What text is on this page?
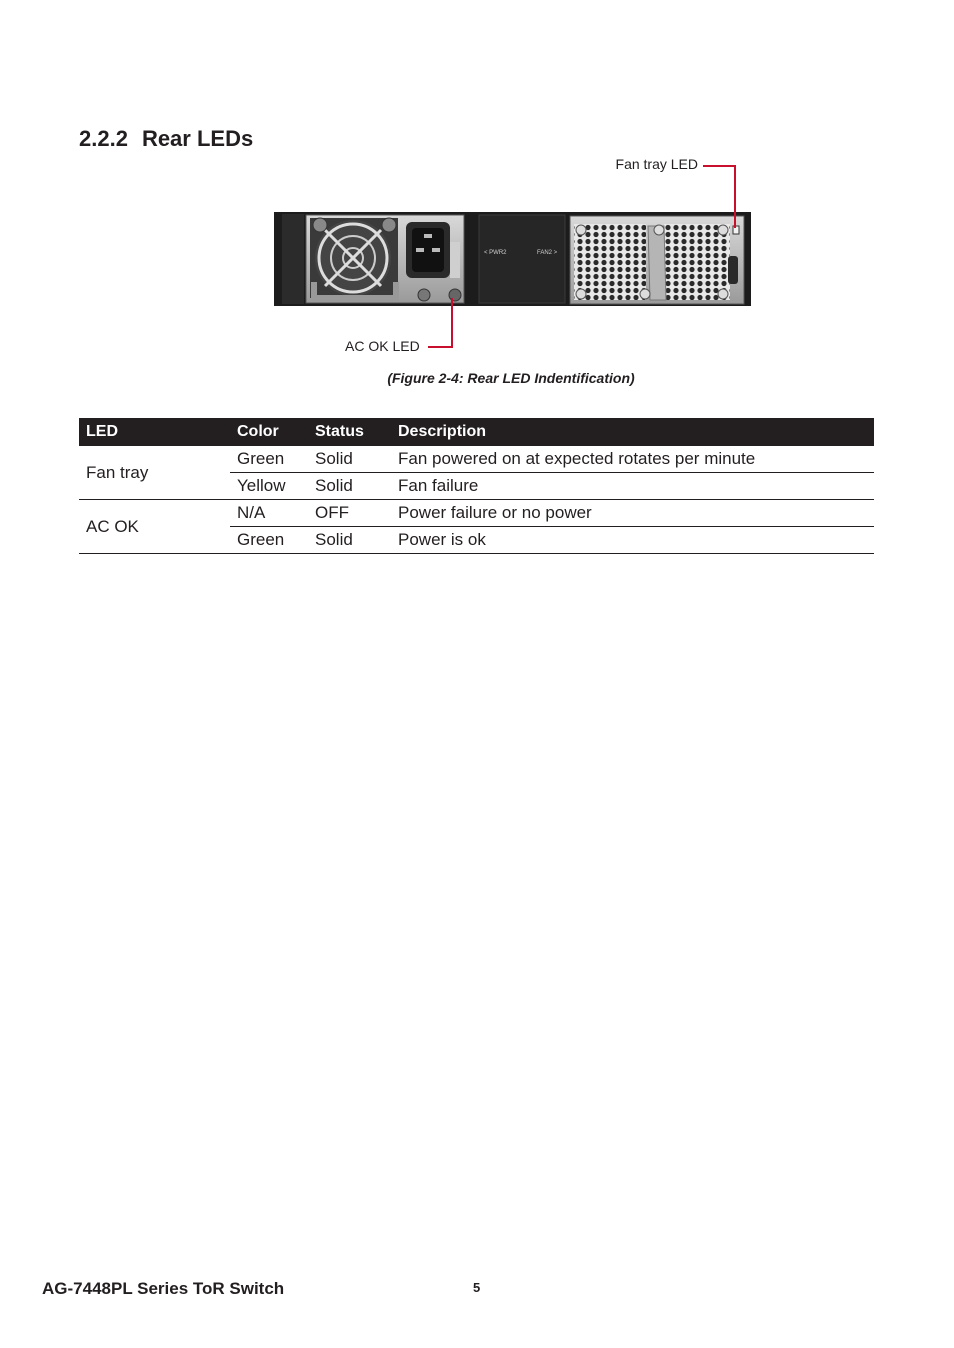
2.2.2 Rear LEDs
< PWR2	FAN2 >
Fan tray LED
AC OK LED
(Figure 2-4: Rear LED Indentification)
LED	Color	Status	Description
Fan tray	Green	Solid	Fan powered on at expected rotates per minute
	Yellow	Solid	Fan failure
AC OK	N/A	OFF	Power failure or no power
	Green	Solid	Power is ok
AG-7448PL Series ToR Switch	5
